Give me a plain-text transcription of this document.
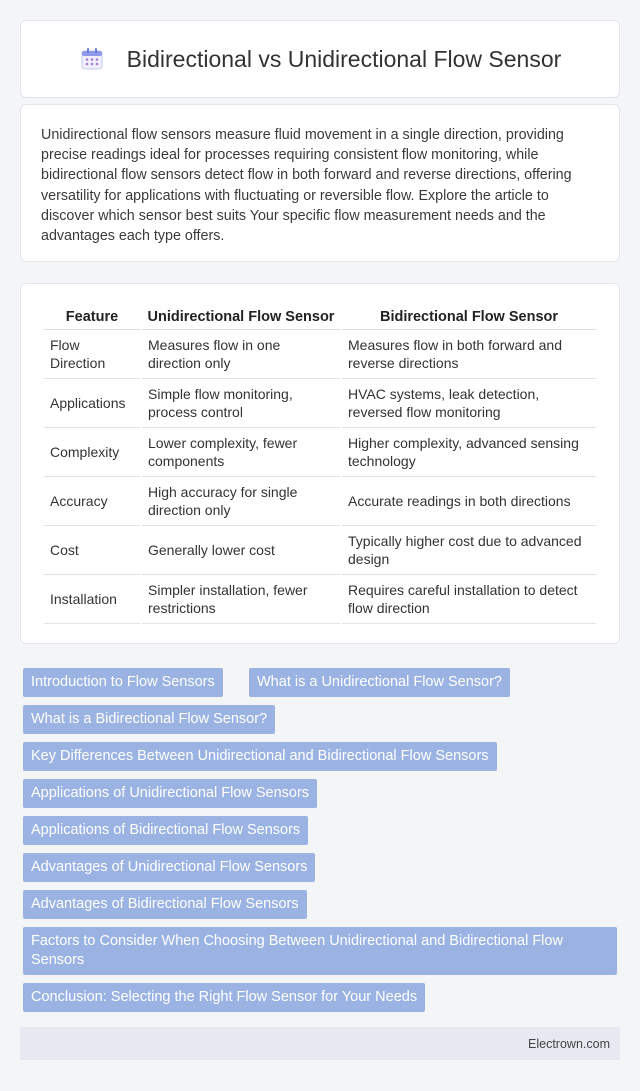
Bidirectional vs Unidirectional Flow Sensor

Unidirectional flow sensors measure fluid movement in a single direction, providing precise readings ideal for processes requiring consistent flow monitoring, while bidirectional flow sensors detect flow in both forward and reverse directions, offering versatility for applications with fluctuating or reversible flow. Explore the article to discover which sensor best suits Your specific flow measurement needs and the advantages each type offers.

Feature	Unidirectional Flow Sensor	Bidirectional Flow Sensor
Flow Direction	Measures flow in one direction only	Measures flow in both forward and reverse directions
Applications	Simple flow monitoring, process control	HVAC systems, leak detection, reversed flow monitoring
Complexity	Lower complexity, fewer components	Higher complexity, advanced sensing technology
Accuracy	High accuracy for single direction only	Accurate readings in both directions
Cost	Generally lower cost	Typically higher cost due to advanced design
Installation	Simpler installation, fewer restrictions	Requires careful installation to detect flow direction
Introduction to Flow Sensors	What is a Unidirectional Flow Sensor?
What is a Bidirectional Flow Sensor?
Key Differences Between Unidirectional and Bidirectional Flow Sensors
Applications of Unidirectional Flow Sensors
Applications of Bidirectional Flow Sensors
Advantages of Unidirectional Flow Sensors
Advantages of Bidirectional Flow Sensors
Factors to Consider When Choosing Between Unidirectional and Bidirectional Flow Sensors
Conclusion: Selecting the Right Flow Sensor for Your Needs
Electrown.com
